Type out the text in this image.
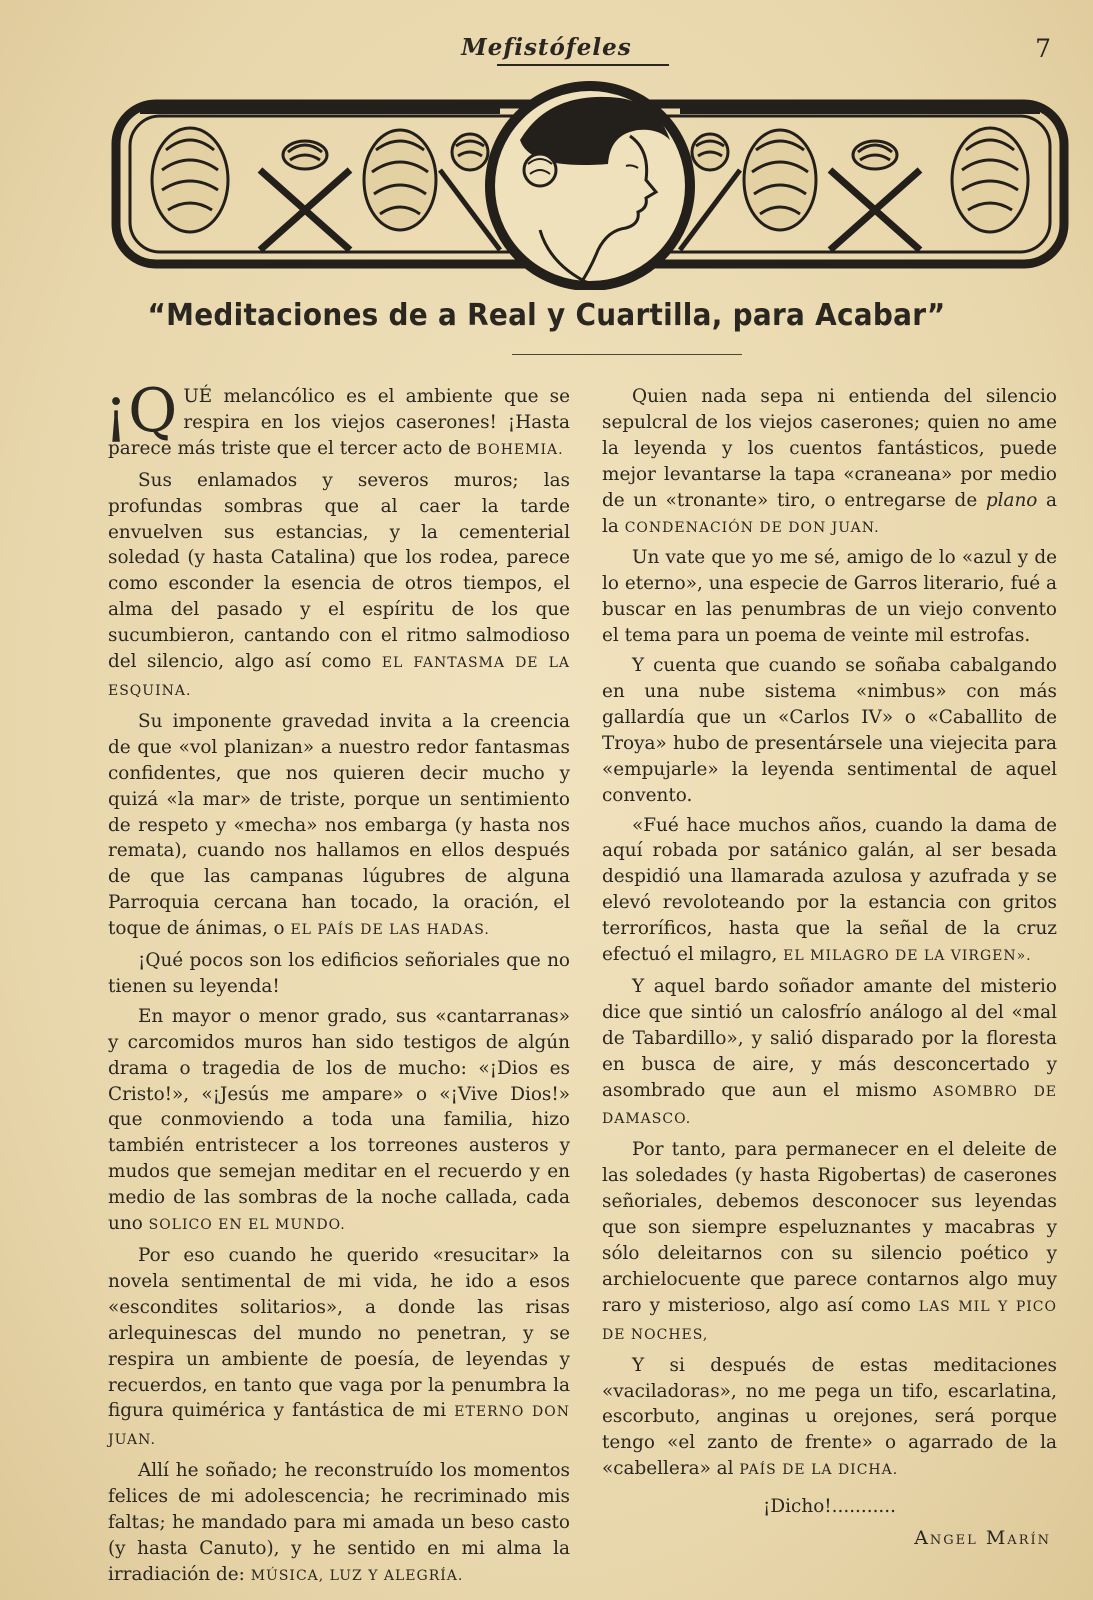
Mefistófeles	7
“Meditaciones de a Real y Cuartilla, para Acabar”

¡Q UÉ melancólico es el ambiente que se respira en los viejos caserones! ¡Hasta parece más triste que el tercer acto de BOHEMIA.

Sus enlamados y severos muros; las profundas sombras que al caer la tarde envuelven sus estancias, y la cementerial soledad (y hasta Catalina) que los rodea, parece como esconder la esencia de otros tiempos, el alma del pasado y el espíritu de los que sucumbieron, cantando con el ritmo salmodioso del silencio, algo así como EL FANTASMA DE LA ESQUINA.

Su imponente gravedad invita a la creencia de que «vol planizan» a nuestro redor fantasmas confidentes, que nos quieren decir mucho y quizá «la mar» de triste, porque un sentimiento de respeto y «mecha» nos embarga (y hasta nos remata), cuando nos hallamos en ellos después de que las campanas lúgubres de alguna Parroquia cercana han tocado, la oración, el toque de ánimas, o EL PAÍS DE LAS HADAS.

¡Qué pocos son los edificios señoriales que no tienen su leyenda!

En mayor o menor grado, sus «cantarranas» y carcomidos muros han sido testigos de algún drama o tragedia de los de mucho: «¡Dios es Cristo!», «¡Jesús me ampare» o «¡Vive Dios!» que conmoviendo a toda una familia, hizo también entristecer a los torreones austeros y mudos que semejan meditar en el recuerdo y en medio de las sombras de la noche callada, cada uno SOLICO EN EL MUNDO.

Por eso cuando he querido «resucitar» la novela sentimental de mi vida, he ido a esos «escondites solitarios», a donde las risas arlequinescas del mundo no penetran, y se respira un ambiente de poesía, de leyendas y recuerdos, en tanto que vaga por la penumbra la figura quimérica y fantástica de mi ETERNO DON JUAN.

Allí he soñado; he reconstruído los momentos felices de mi adolescencia; he recriminado mis faltas; he mandado para mi amada un beso casto (y hasta Canuto), y he sentido en mi alma la irradiación de: MÚSICA, LUZ Y ALEGRÍA.

Quien nada sepa ni entienda del silencio sepulcral de los viejos caserones; quien no ame la leyenda y los cuentos fantásticos, puede mejor levantarse la tapa «craneana» por medio de un «tronante» tiro, o entregarse de plano a la CONDENACIÓN DE DON JUAN.

Un vate que yo me sé, amigo de lo «azul y de lo eterno», una especie de Garros literario, fué a buscar en las penumbras de un viejo convento el tema para un poema de veinte mil estrofas.

Y cuenta que cuando se soñaba cabalgando en una nube sistema «nimbus» con más gallardía que un «Carlos IV» o «Caballito de Troya» hubo de presentársele una viejecita para «empujarle» la leyenda sentimental de aquel convento.

«Fué hace muchos años, cuando la dama de aquí robada por satánico galán, al ser besada despidió una llamarada azulosa y azufrada y se elevó revoloteando por la estancia con gritos terroríficos, hasta que la señal de la cruz efectuó el milagro, EL MILAGRO DE LA VIRGEN».

Y aquel bardo soñador amante del misterio dice que sintió un calosfrío análogo al del «mal de Tabardillo», y salió disparado por la floresta en busca de aire, y más desconcertado y asombrado que aun el mismo ASOMBRO DE DAMASCO.

Por tanto, para permanecer en el deleite de las soledades (y hasta Rigobertas) de caserones señoriales, debemos desconocer sus leyendas que son siempre espeluznantes y macabras y sólo deleitarnos con su silencio poético y archielocuente que parece contarnos algo muy raro y misterioso, algo así como LAS MIL Y PICO DE NOCHES,

Y si después de estas meditaciones «vaciladoras», no me pega un tifo, escarlatina, escorbuto, anginas u orejones, será porque tengo «el zanto de frente» o agarrado de la «cabellera» al PAÍS DE LA DICHA.

¡Dicho!...........

Angel Marín
